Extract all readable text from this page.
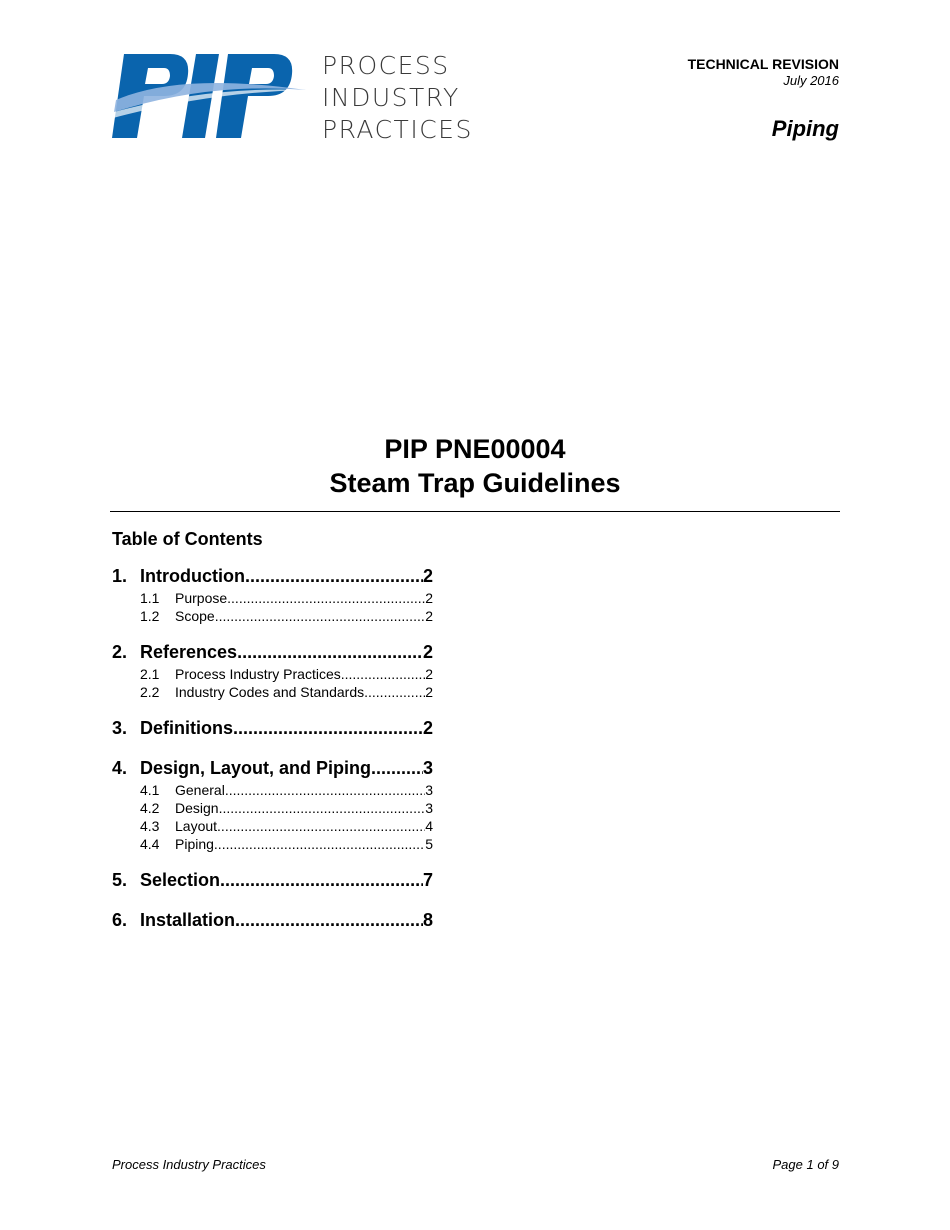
PROCESS
INDUSTRY
PRACTICES
TECHNICAL REVISION
July 2016
Piping
PIP PNE00004
Steam Trap Guidelines
Table of Contents
1. Introduction .....	2
1.1	Purpose .....	2
1.2	Scope .....	2
2. References .....	2
2.1	Process Industry Practices .....	2
2.2	Industry Codes and Standards .....	2
3. Definitions .....	2
4. Design, Layout, and Piping .....	3
4.1	General .....	3
4.2	Design .....	3
4.3	Layout .....	4
4.4	Piping .....	5
5. Selection .....	7
6. Installation .....	8
Process Industry Practices	Page 1 of 9
